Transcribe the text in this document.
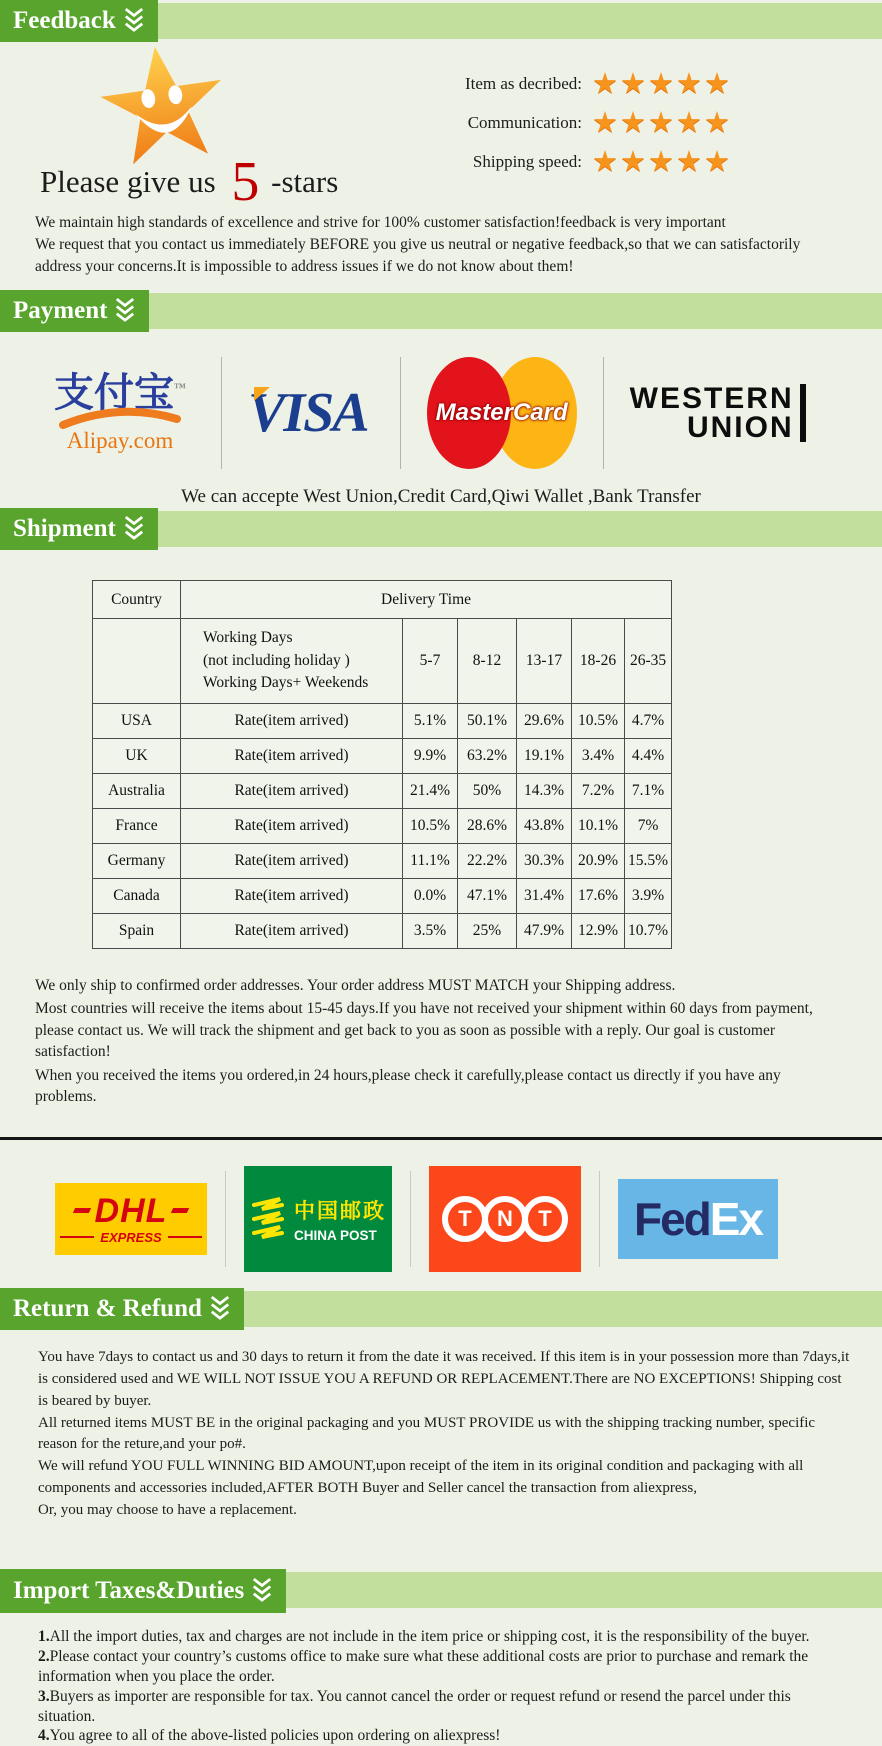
Feedback
Please give us 5 -stars
Item as decribed: ★★★★★
Communication: ★★★★★
Shipping speed: ★★★★★
We maintain high standards of excellence and strive for 100% customer satisfaction!feedback is very important
We request that you contact us immediately BEFORE you give us neutral or negative feedback,so that we can satisfactorily address your concerns.It is impossible to address issues if we do not know about them!
Payment
支付宝™
Alipay.com	VISA	MasterCard WESTERN
UNION
We can accepte West Union,Credit Card,Qiwi Wallet ,Bank Transfer
Shipment
Country	Delivery Time					

	Working Days
(not including holiday )
Working Days+ Weekends	5-7	8-12	13-17	18-26	26-35
USA	Rate(item arrived)	5.1%	50.1%	29.6%	10.5%	4.7%
UK	Rate(item arrived)	9.9%	63.2%	19.1%	3.4%	4.4%
Australia	Rate(item arrived)	21.4%	50%	14.3%	7.2%	7.1%
France	Rate(item arrived)	10.5%	28.6%	43.8%	10.1%	7%
Germany	Rate(item arrived)	11.1%	22.2%	30.3%	20.9%	15.5%
Canada	Rate(item arrived)	0.0%	47.1%	31.4%	17.6%	3.9%
Spain	Rate(item arrived)	3.5%	25%	47.9%	12.9%	10.7%
We only ship to confirmed order addresses. Your order address MUST MATCH your Shipping address.
Most countries will receive the items about 15-45 days.If you have not received your shipment within 60 days from payment, please contact us. We will track the shipment and get back to you as soon as possible with a reply. Our goal is customer satisfaction!
When you received the items you ordered,in 24 hours,please check it carefully,please contact us directly if you have any problems.
DHL
EXPRESS
中国邮政
CHINA POST
T N T Fed Ex
Return & Refund
You have 7days to contact us and 30 days to return it from the date it was received. If this item is in your possession more than 7days,it is considered used and WE WILL NOT ISSUE YOU A REFUND OR REPLACEMENT.There are NO EXCEPTIONS! Shipping cost is beared by buyer.
All returned items MUST BE in the original packaging and you MUST PROVIDE us with the shipping tracking number, specific reason for the reture,and your po#.
We will refund YOU FULL WINNING BID AMOUNT,upon receipt of the item in its original condition and packaging with all components and accessories included,AFTER BOTH Buyer and Seller cancel the transaction from aliexpress,
Or, you may choose to have a replacement.
Import Taxes&Duties
1.All the import duties, tax and charges are not include in the item price or shipping cost, it is the responsibility of the buyer.
2.Please contact your country’s customs office to make sure what these additional costs are prior to purchase and remark the information when you place the order.
3.Buyers as importer are responsible for tax. You cannot cancel the order or request refund or resend the parcel under this situation.
4.You agree to all of the above-listed policies upon ordering on aliexpress!
